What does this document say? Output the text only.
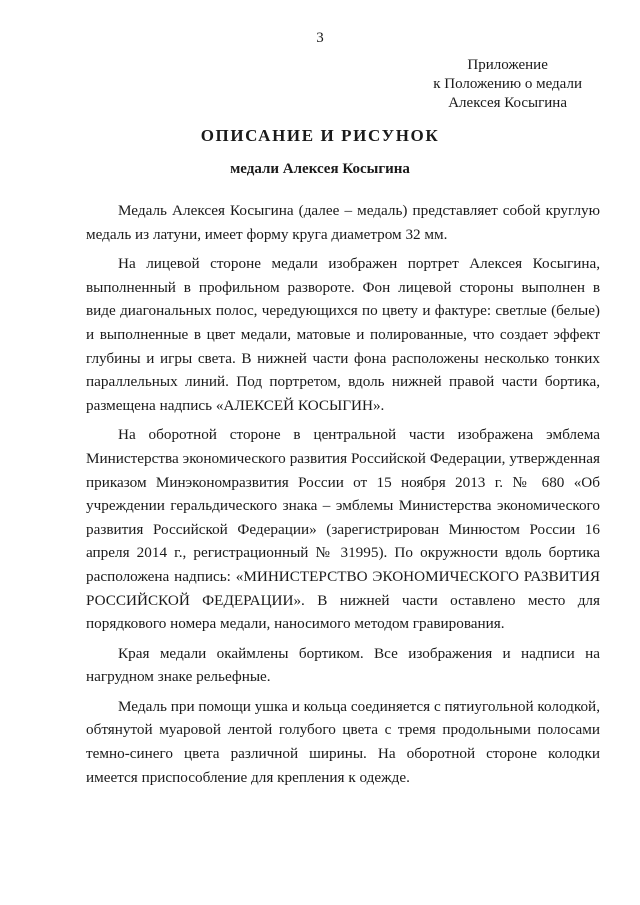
3
Приложение
к Положению о медали
Алексея Косыгина
ОПИСАНИЕ И РИСУНОК
медали Алексея Косыгина

Медаль Алексея Косыгина (далее – медаль) представляет собой круглую медаль из латуни, имеет форму круга диаметром 32 мм.

На лицевой стороне медали изображен портрет Алексея Косыгина, выполненный в профильном развороте. Фон лицевой стороны выполнен в виде диагональных полос, чередующихся по цвету и фактуре: светлые (белые) и выполненные в цвет медали, матовые и полированные, что создает эффект глубины и игры света. В нижней части фона расположены несколько тонких параллельных линий. Под портретом, вдоль нижней правой части бортика, размещена надпись «АЛЕКСЕЙ КОСЫГИН».

На оборотной стороне в центральной части изображена эмблема Министерства экономического развития Российской Федерации, утвержденная приказом Минэкономразвития России от 15 ноября 2013 г. № 680 «Об учреждении геральдического знака – эмблемы Министерства экономического развития Российской Федерации» (зарегистрирован Минюстом России 16 апреля 2014 г., регистрационный № 31995). По окружности вдоль бортика расположена надпись: «МИНИСТЕРСТВО ЭКОНОМИЧЕСКОГО РАЗВИТИЯ РОССИЙСКОЙ ФЕДЕРАЦИИ». В нижней части оставлено место для порядкового номера медали, наносимого методом гравирования.

Края медали окаймлены бортиком. Все изображения и надписи на нагрудном знаке рельефные.

Медаль при помощи ушка и кольца соединяется с пятиугольной колодкой, обтянутой муаровой лентой голубого цвета с тремя продольными полосами темно-синего цвета различной ширины. На оборотной стороне колодки имеется приспособление для крепления к одежде.
